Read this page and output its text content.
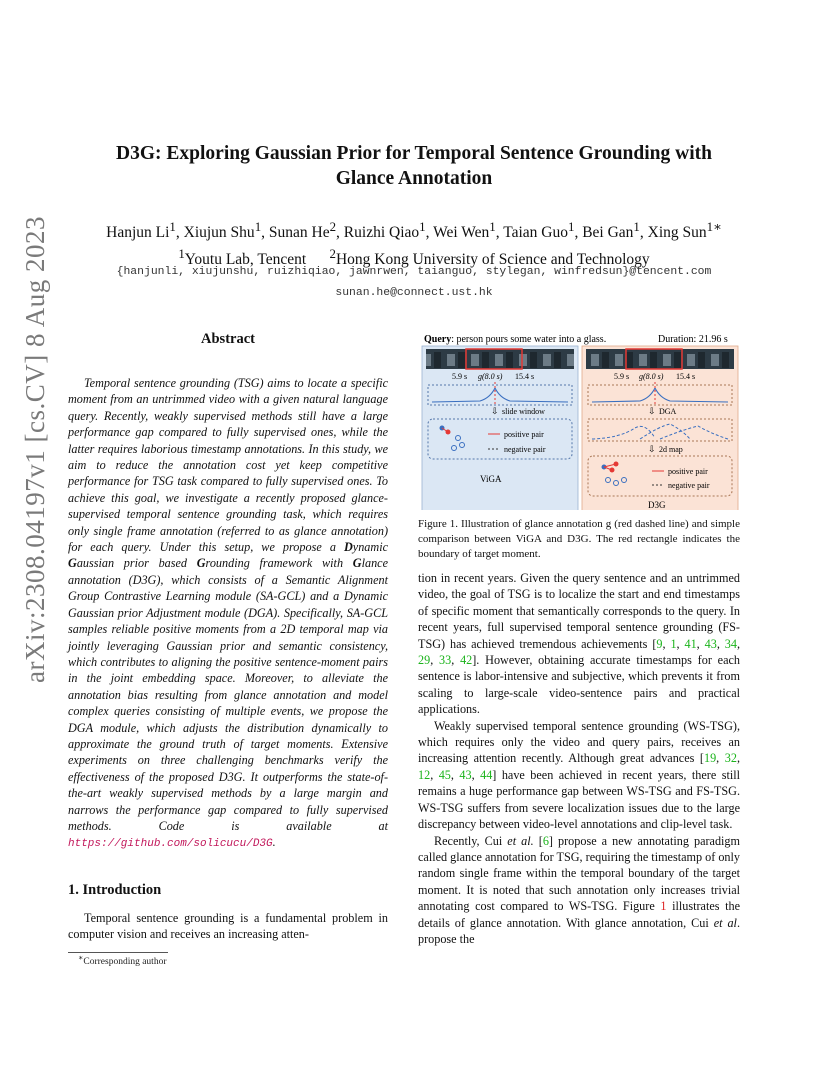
arXiv:2308.04197v1 [cs.CV] 8 Aug 2023
D3G: Exploring Gaussian Prior for Temporal Sentence Grounding with
Glance Annotation
Hanjun Li$^1$, Xiujun Shu$^1$, Sunan He$^2$, Ruizhi Qiao$^1$, Wei Wen$^1$, Taian Guo$^1$, Bei Gan$^1$, Xing Sun$^{1∗}$
$^1$Youtu Lab, Tencent $^2$Hong Kong University of Science and Technology
{hanjunli, xiujunshu, ruizhiqiao, jawnrwen, taianguo, stylegan, winfredsun}@tencent.com
sunan.he@connect.ust.hk
Abstract

Temporal sentence grounding (TSG) aims to locate a specific moment from an untrimmed video with a given natural language query. Recently, weakly supervised methods still have a large performance gap compared to fully supervised ones, while the latter requires laborious timestamp annotations. In this study, we aim to reduce the annotation cost yet keep competitive performance for TSG task compared to fully supervised ones. To achieve this goal, we investigate a recently proposed glance-supervised temporal sentence grounding task, which requires only single frame annotation (referred to as glance annotation) for each query. Under this setup, we propose a Dynamic Gaussian prior based Grounding framework with Glance annotation (D3G), which consists of a Semantic Alignment Group Contrastive Learning module (SA-GCL) and a Dynamic Gaussian prior Adjustment module (DGA). Specifically, SA-GCL samples reliable positive moments from a 2D temporal map via jointly leveraging Gaussian prior and semantic consistency, which contributes to aligning the positive sentence-moment pairs in the joint embedding space. Moreover, to alleviate the annotation bias resulting from glance annotation and model complex queries consisting of multiple events, we propose the DGA module, which adjusts the distribution dynamically to approximate the ground truth of target moments. Extensive experiments on three challenging benchmarks verify the effectiveness of the proposed D3G. It outperforms the state-of-the-art weakly supervised methods by a large margin and narrows the performance gap compared to fully supervised methods. Code is available at https://github.com/solicucu/D3G.

1. Introduction

Temporal sentence grounding is a fundamental problem in computer vision and receives an increasing atten-

∗Corresponding author
Query: person pours some water into a glass.	Duration: 21.96 s
5.9 s g(8.0 s) 15.4 s
⇩ slide window
positive pair
negative pair
ViGA
5.9 s g(8.0 s) 15.4 s
⇩ DGA
⇩ 2d map
positive pair
negative pair
D3G
Figure 1. Illustration of glance annotation g (red dashed line) and simple comparison between ViGA and D3G. The red rectangle indicates the boundary of target moment.

tion in recent years. Given the query sentence and an untrimmed video, the goal of TSG is to localize the start and end timestamps of specific moment that semantically corresponds to the query. In recent years, full supervised temporal sentence grounding (FS-TSG) has achieved tremendous achievements [9, 1, 41, 43, 34, 29, 33, 42]. However, obtaining accurate timestamps for each sentence is labor-intensive and subjective, which prevents it from scaling to large-scale video-sentence pairs and practical applications.

Weakly supervised temporal sentence grounding (WS-TSG), which requires only the video and query pairs, receives an increasing attention recently. Although great advances [19, 32, 12, 45, 43, 44] have been achieved in recent years, there still remains a huge performance gap between WS-TSG and FS-TSG. WS-TSG suffers from severe localization issues due to the large discrepancy between video-level annotations and clip-level task.

Recently, Cui et al. [6] propose a new annotating paradigm called glance annotation for TSG, requiring the timestamp of only random single frame within the temporal boundary of the target moment. It is noted that such annotation only increases trivial annotating cost compared to WS-TSG. Figure 1 illustrates the details of glance annotation. With glance annotation, Cui et al. propose the
